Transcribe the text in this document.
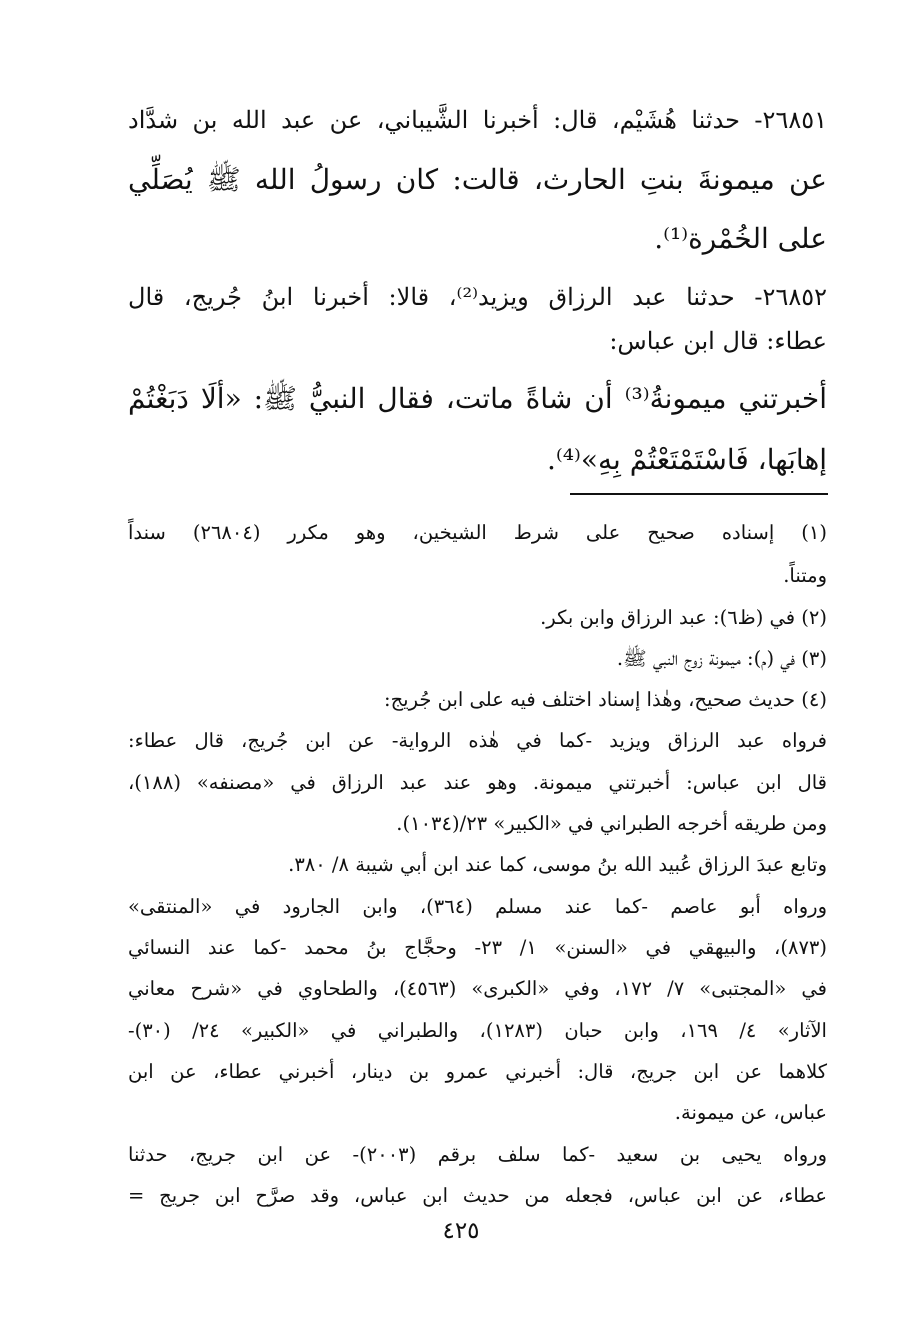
٢٦٨٥١- حدثنا هُشَيْم، قال: أخبرنا الشَّيباني، عن عبد الله بن شدَّاد
عن ميمونةَ بنتِ الحارث، قالت: كان رسولُ الله ﷺ يُصَلِّي
على الخُمْرة⁽¹⁾.
٢٦٨٥٢- حدثنا عبد الرزاق ويزيد⁽²⁾، قالا: أخبرنا ابنُ جُريج، قال
عطاء: قال ابن عباس:
أخبرتني ميمونةُ⁽³⁾ أن شاةً ماتت، فقال النبيُّ ﷺ: «ألَا دَبَغْتُمْ
إهابَها، فَاسْتَمْتَعْتُمْ بِهِ»⁽⁴⁾.
(١) إسناده صحيح على شرط الشيخين، وهو مكرر (٢٦٨٠٤) سنداً
ومتناً.
(٢) في (ظ٦): عبد الرزاق وابن بكر.
(٣) في (م): ميمونة زوج النبي ﷺ.
(٤) حديث صحيح، وهٰذا إسناد اختلف فيه على ابن جُريج:
فرواه عبد الرزاق ويزيد -كما في هٰذه الرواية- عن ابن جُريج، قال عطاء:
قال ابن عباس: أخبرتني ميمونة. وهو عند عبد الرزاق في «مصنفه» (١٨٨)،
ومن طريقه أخرجه الطبراني في «الكبير» ٢٣/(١٠٣٤).
وتابع عبدَ الرزاق عُبيد الله بنُ موسى، كما عند ابن أبي شيبة ٨/ ٣٨٠.
ورواه أبو عاصم -كما عند مسلم (٣٦٤)، وابن الجارود في «المنتقى»
(٨٧٣)، والبيهقي في «السنن» ١/ ٢٣- وحجَّاج بنُ محمد -كما عند النسائي
في «المجتبى» ٧/ ١٧٢، وفي «الكبرى» (٤٥٦٣)، والطحاوي في «شرح معاني
الآثار» ٤/ ١٦٩، وابن حبان (١٢٨٣)، والطبراني في «الكبير» ٢٤/ (٣٠)-
كلاهما عن ابن جريج، قال: أخبرني عمرو بن دينار، أخبرني عطاء، عن ابن
عباس، عن ميمونة.
ورواه يحيى بن سعيد -كما سلف برقم (٢٠٠٣)- عن ابن جريج، حدثنا
عطاء، عن ابن عباس، فجعله من حديث ابن عباس، وقد صرَّح ابن جريج =
٤٢٥
